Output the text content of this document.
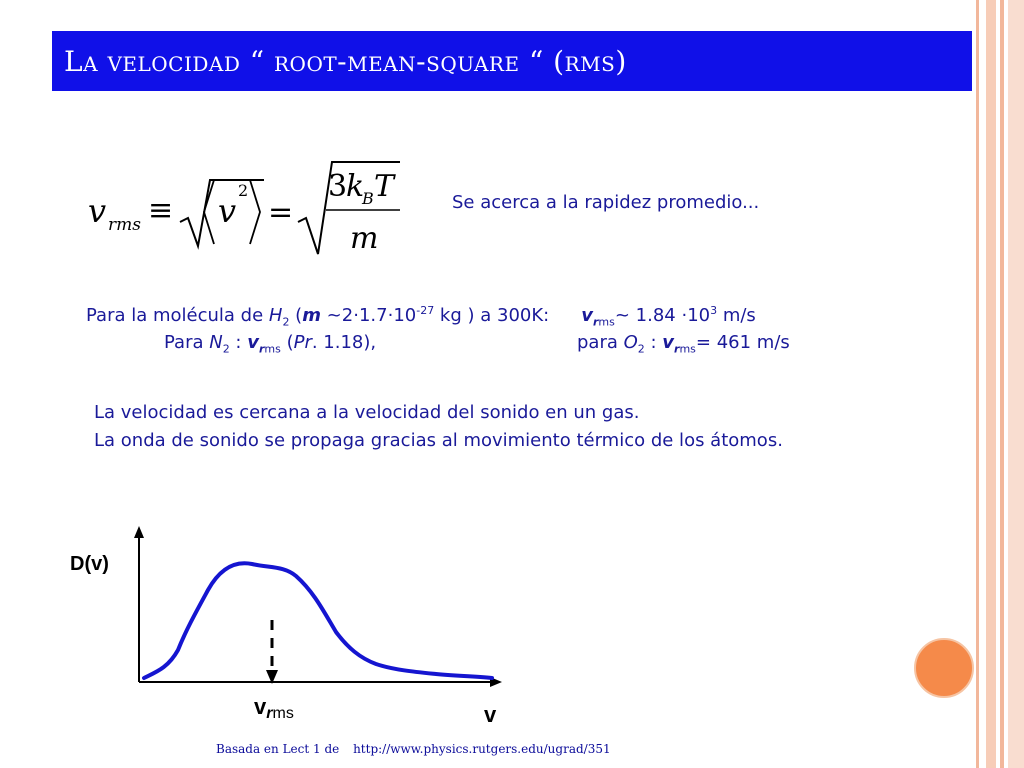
La velocidad “ root-mean-square “ (rms)
v rms ≡ v
2
=
3
k
B T
m
Se acerca a la rapidez promedio...
Para la molécula de $H_2$ (m $\sim 2\cdot 1.7\cdot 10^{-27}$ kg ) a 300K: $v_{rms}\sim$ $1.84 \cdot 10^3$ m/s
Para $N_2$ : $v_{rms}$ (Pr. 1.18),	para $O_2$ : $v_{rms}= 461$ m/s

La velocidad es cercana a la velocidad del sonido en un gas.

La onda de sonido se propaga gracias al movimiento térmico de los átomos.

D(v)
vrms	v
Basada en Lect 1 de http://www.physics.rutgers.edu/ugrad/351
